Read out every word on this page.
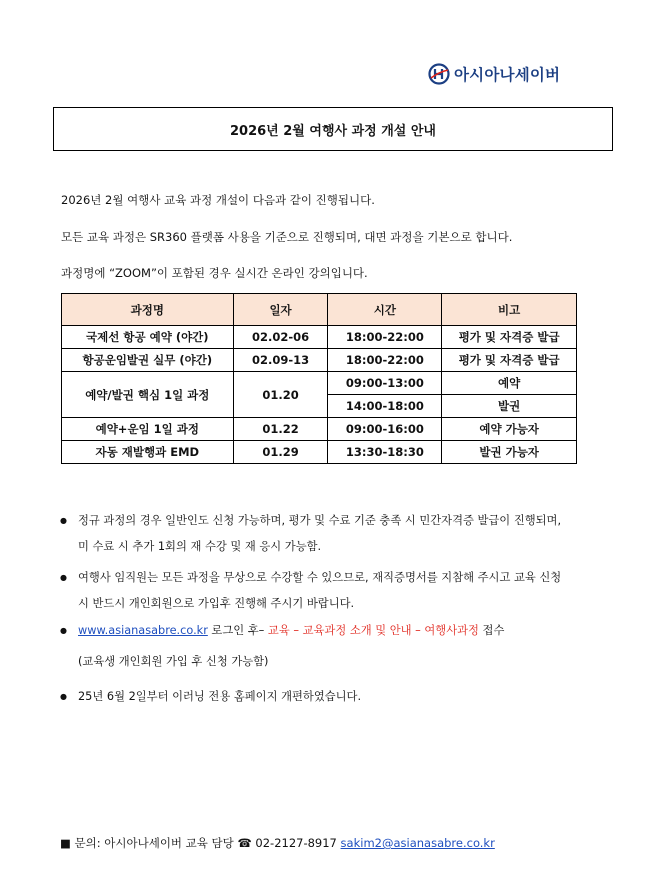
아시아나세이버
2026년 2월 여행사 과정 개설 안내
2026년 2월 여행사 교육 과정 개설이 다음과 같이 진행됩니다.
모든 교육 과정은 SR360 플랫폼 사용을 기준으로 진행되며, 대면 과정을 기본으로 합니다.
과정명에 “ZOOM”이 포함된 경우 실시간 온라인 강의입니다.
과정명	일자	시간	비고
국제선 항공 예약 (야간)	02.02-06	18:00-22:00	평가 및 자격증 발급
항공운임발권 실무 (야간)	02.09-13	18:00-22:00	평가 및 자격증 발급
예약/발권 핵심 1일 과정	01.20	09:00-13:00	예약
		14:00-18:00	발권
예약+운임 1일 과정	01.22	09:00-16:00	예약 가능자
자동 재발행과 EMD	01.29	13:30-18:30	발권 가능자
● 정규 과정의 경우 일반인도 신청 가능하며, 평가 및 수료 기준 충족 시 민간자격증 발급이 진행되며,
미 수료 시 추가 1회의 재 수강 및 재 응시 가능함.
● 여행사 임직원는 모든 과정을 무상으로 수강할 수 있으므로, 재직증명서를 지참해 주시고 교육 신청
시 반드시 개인회원으로 가입후 진행해 주시기 바랍니다.
● www.asianasabre.co.kr 로그인 후– 교육 – 교육과정 소개 및 안내 – 여행사과정 접수
(교육생 개인회원 가입 후 신청 가능함)
● 25년 6월 2일부터 이러닝 전용 홈페이지 개편하였습니다.
■ 문의: 아시아나세이버 교육 담당 ☎ 02-2127-8917 sakim2@asianasabre.co.kr
